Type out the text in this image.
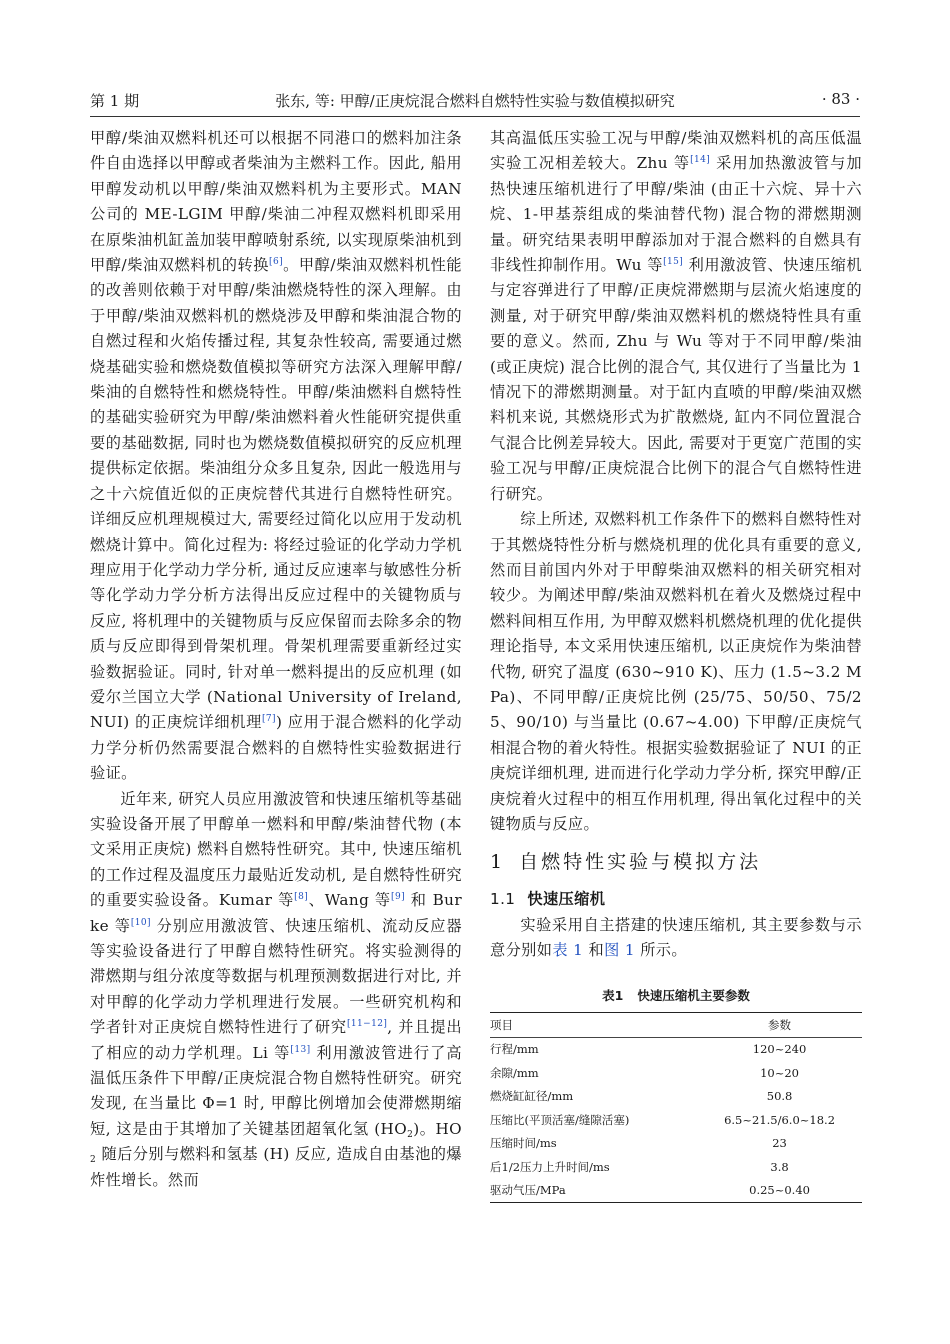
第 1 期	张东, 等: 甲醇/正庚烷混合燃料自燃特性实验与数值模拟研究	· 83 ·

甲醇/柴油双燃料机还可以根据不同港口的燃料加注条件自由选择以甲醇或者柴油为主燃料工作。因此, 船用甲醇发动机以甲醇/柴油双燃料机为主要形式。MAN 公司的 ME-LGIM 甲醇/柴油二冲程双燃料机即采用在原柴油机缸盖加装甲醇喷射系统, 以实现原柴油机到甲醇/柴油双燃料机的转换[6]。甲醇/柴油双燃料机性能的改善则依赖于对甲醇/柴油燃烧特性的深入理解。由于甲醇/柴油双燃料机的燃烧涉及甲醇和柴油混合物的自燃过程和火焰传播过程, 其复杂性较高, 需要通过燃烧基础实验和燃烧数值模拟等研究方法深入理解甲醇/柴油的自燃特性和燃烧特性。甲醇/柴油燃料自燃特性的基础实验研究为甲醇/柴油燃料着火性能研究提供重要的基础数据, 同时也为燃烧数值模拟研究的反应机理提供标定依据。柴油组分众多且复杂, 因此一般选用与之十六烷值近似的正庚烷替代其进行自燃特性研究。详细反应机理规模过大, 需要经过简化以应用于发动机燃烧计算中。简化过程为: 将经过验证的化学动力学机理应用于化学动力学分析, 通过反应速率与敏感性分析等化学动力学分析方法得出反应过程中的关键物质与反应, 将机理中的关键物质与反应保留而去除多余的物质与反应即得到骨架机理。骨架机理需要重新经过实验数据验证。同时, 针对单一燃料提出的反应机理 (如爱尔兰国立大学 (National University of Ireland, NUI) 的正庚烷详细机理[7]) 应用于混合燃料的化学动力学分析仍然需要混合燃料的自燃特性实验数据进行验证。

近年来, 研究人员应用激波管和快速压缩机等基础实验设备开展了甲醇单一燃料和甲醇/柴油替代物 (本文采用正庚烷) 燃料自燃特性研究。其中, 快速压缩机的工作过程及温度压力最贴近发动机, 是自燃特性研究的重要实验设备。Kumar 等[8]、Wang 等[9] 和 Burke 等[10] 分别应用激波管、快速压缩机、流动反应器等实验设备进行了甲醇自燃特性研究。将实验测得的滞燃期与组分浓度等数据与机理预测数据进行对比, 并对甲醇的化学动力学机理进行发展。一些研究机构和学者针对正庚烷自燃特性进行了研究[11−12], 并且提出了相应的动力学机理。Li 等[13] 利用激波管进行了高温低压条件下甲醇/正庚烷混合物自燃特性研究。研究发现, 在当量比 Φ=1 时, 甲醇比例增加会使滞燃期缩短, 这是由于其增加了关键基团超氧化氢 (HO2)。HO2 随后分别与燃料和氢基 (H) 反应, 造成自由基池的爆炸性增长。然而

其高温低压实验工况与甲醇/柴油双燃料机的高压低温实验工况相差较大。Zhu 等[14] 采用加热激波管与加热快速压缩机进行了甲醇/柴油 (由正十六烷、异十六烷、1-甲基萘组成的柴油替代物) 混合物的滞燃期测量。研究结果表明甲醇添加对于混合燃料的自燃具有非线性抑制作用。Wu 等[15] 利用激波管、快速压缩机与定容弹进行了甲醇/正庚烷滞燃期与层流火焰速度的测量, 对于研究甲醇/柴油双燃料机的燃烧特性具有重要的意义。然而, Zhu 与 Wu 等对于不同甲醇/柴油 (或正庚烷) 混合比例的混合气, 其仅进行了当量比为 1 情况下的滞燃期测量。对于缸内直喷的甲醇/柴油双燃料机来说, 其燃烧形式为扩散燃烧, 缸内不同位置混合气混合比例差异较大。因此, 需要对于更宽广范围的实验工况与甲醇/正庚烷混合比例下的混合气自燃特性进行研究。

综上所述, 双燃料机工作条件下的燃料自燃特性对于其燃烧特性分析与燃烧机理的优化具有重要的意义, 然而目前国内外对于甲醇柴油双燃料的相关研究相对较少。为阐述甲醇/柴油双燃料机在着火及燃烧过程中燃料间相互作用, 为甲醇双燃料机燃烧机理的优化提供理论指导, 本文采用快速压缩机, 以正庚烷作为柴油替代物, 研究了温度 (630~910 K)、压力 (1.5~3.2 MPa)、不同甲醇/正庚烷比例 (25/75、50/50、75/25、90/10) 与当量比 (0.67~4.00) 下甲醇/正庚烷气相混合物的着火特性。根据实验数据验证了 NUI 的正庚烷详细机理, 进而进行化学动力学分析, 探究甲醇/正庚烷着火过程中的相互作用机理, 得出氧化过程中的关键物质与反应。

1 自燃特性实验与模拟方法

1.1 快速压缩机

实验采用自主搭建的快速压缩机, 其主要参数与示意分别如表 1 和图 1 所示。

表1 快速压缩机主要参数
项目	参数
行程/mm	120~240
余隙/mm	10~20
燃烧缸缸径/mm	50.8
压缩比(平顶活塞/缝隙活塞)	6.5~21.5/6.0~18.2
压缩时间/ms	23
后1/2压力上升时间/ms	3.8
驱动气压/MPa	0.25~0.40
